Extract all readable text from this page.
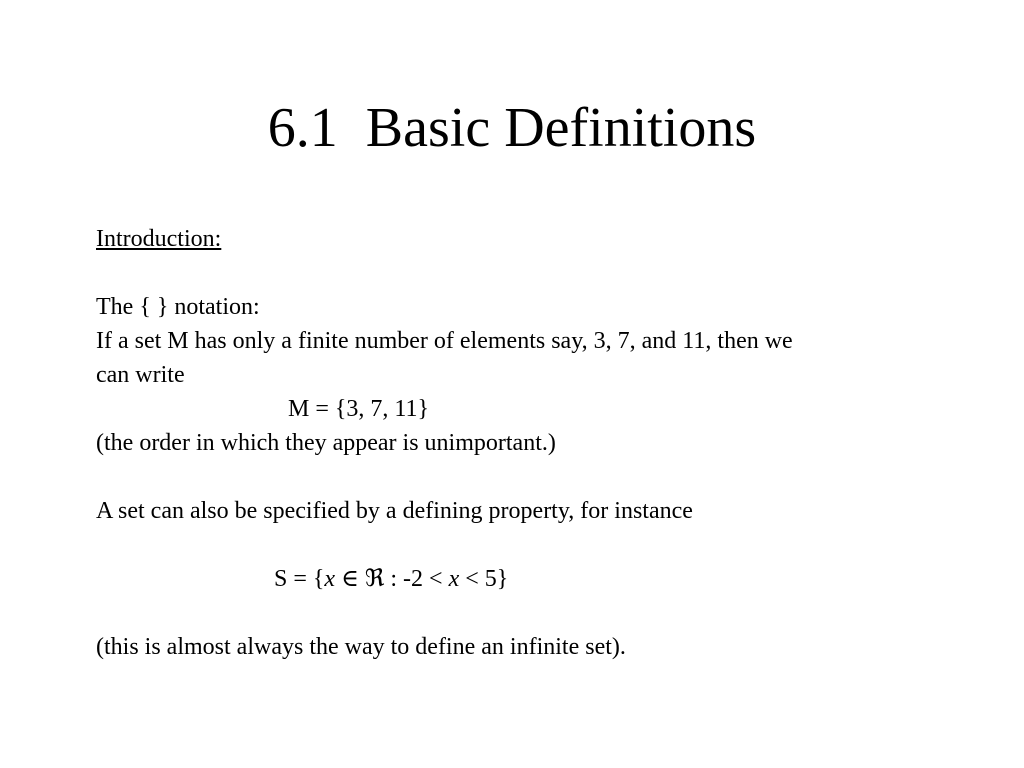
6.1  Basic Definitions
Introduction:
The { } notation:
If a set M has only a finite number of elements say, 3, 7, and 11, then we
can write
M = {3, 7, 11}
(the order in which they appear is unimportant.)
A set can also be specified by a defining property, for instance
S = {x ∈ ℜ : -2 < x < 5}
(this is almost always the way to define an infinite set).
